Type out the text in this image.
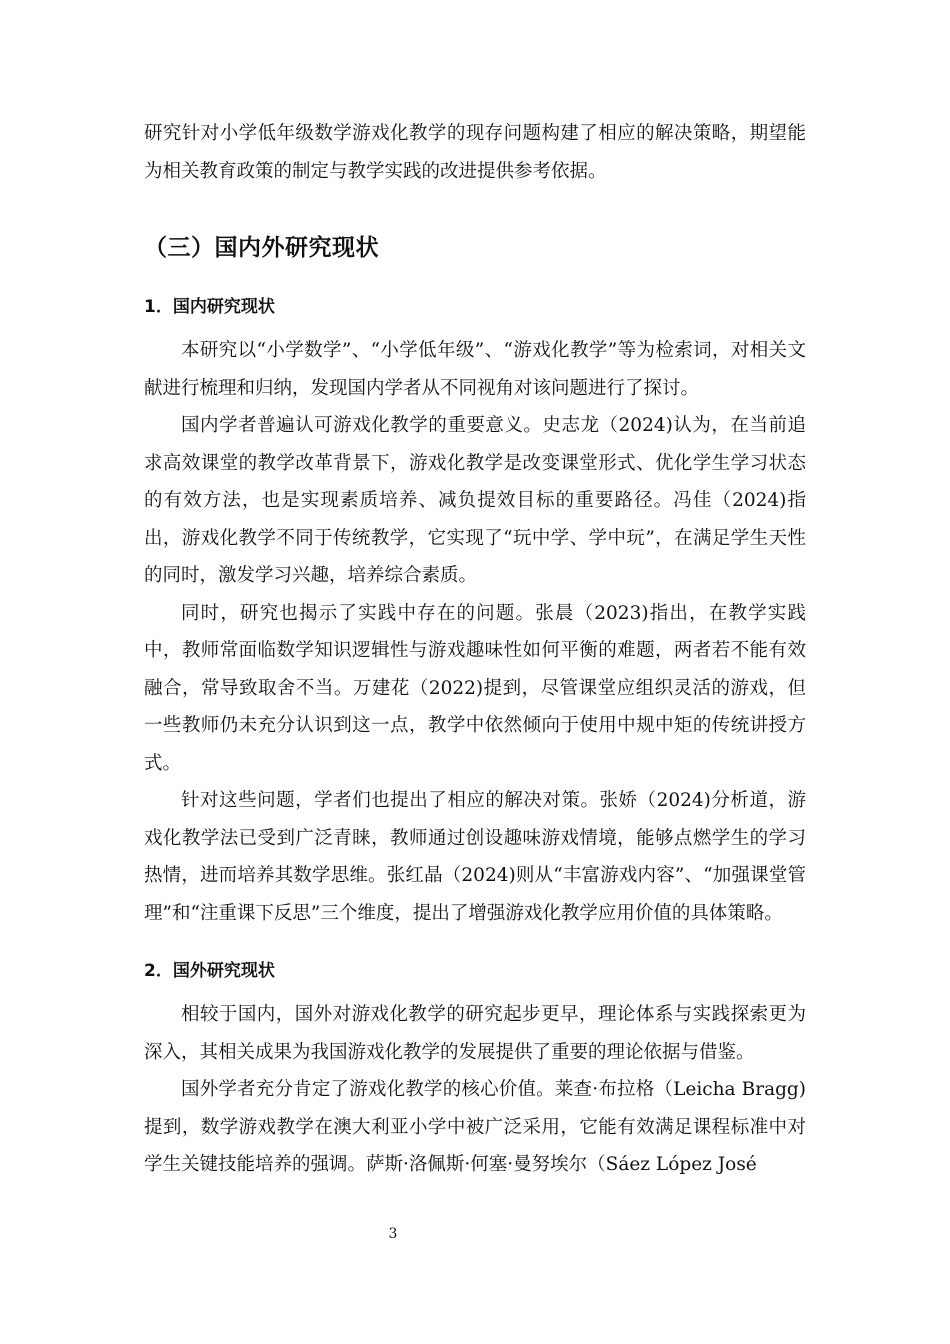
研究针对小学低年级数学游戏化教学的现存问题构建了相应的解决策略，期望能为相关教育政策的制定与教学实践的改进提供参考依据。

（三）国内外研究现状
1．国内研究现状

本研究以“小学数学”、“小学低年级”、“游戏化教学”等为检索词，对相关文献进行梳理和归纳，发现国内学者从不同视角对该问题进行了探讨。

国内学者普遍认可游戏化教学的重要意义。史志龙（2024)认为，在当前追求高效课堂的教学改革背景下，游戏化教学是改变课堂形式、优化学生学习状态的有效方法，也是实现素质培养、减负提效目标的重要路径。冯佳（2024)指出，游戏化教学不同于传统教学，它实现了“玩中学、学中玩”，在满足学生天性的同时，激发学习兴趣，培养综合素质。

同时，研究也揭示了实践中存在的问题。张晨（2023)指出，在教学实践中，教师常面临数学知识逻辑性与游戏趣味性如何平衡的难题，两者若不能有效融合，常导致取舍不当。万建花（2022)提到，尽管课堂应组织灵活的游戏，但一些教师仍未充分认识到这一点，教学中依然倾向于使用中规中矩的传统讲授方式。

针对这些问题，学者们也提出了相应的解决对策。张娇（2024)分析道，游戏化教学法已受到广泛青睐，教师通过创设趣味游戏情境，能够点燃学生的学习热情，进而培养其数学思维。张红晶（2024)则从“丰富游戏内容”、“加强课堂管理”和“注重课下反思”三个维度，提出了增强游戏化教学应用价值的具体策略。

2．国外研究现状

相较于国内，国外对游戏化教学的研究起步更早，理论体系与实践探索更为深入，其相关成果为我国游戏化教学的发展提供了重要的理论依据与借鉴。

国外学者充分肯定了游戏化教学的核心价值。莱查·布拉格（Leicha Bragg)提到，数学游戏教学在澳大利亚小学中被广泛采用，它能有效满足课程标准中对学生关键技能培养的强调。萨斯·洛佩斯·何塞·曼努埃尔（Sáez López José

3
